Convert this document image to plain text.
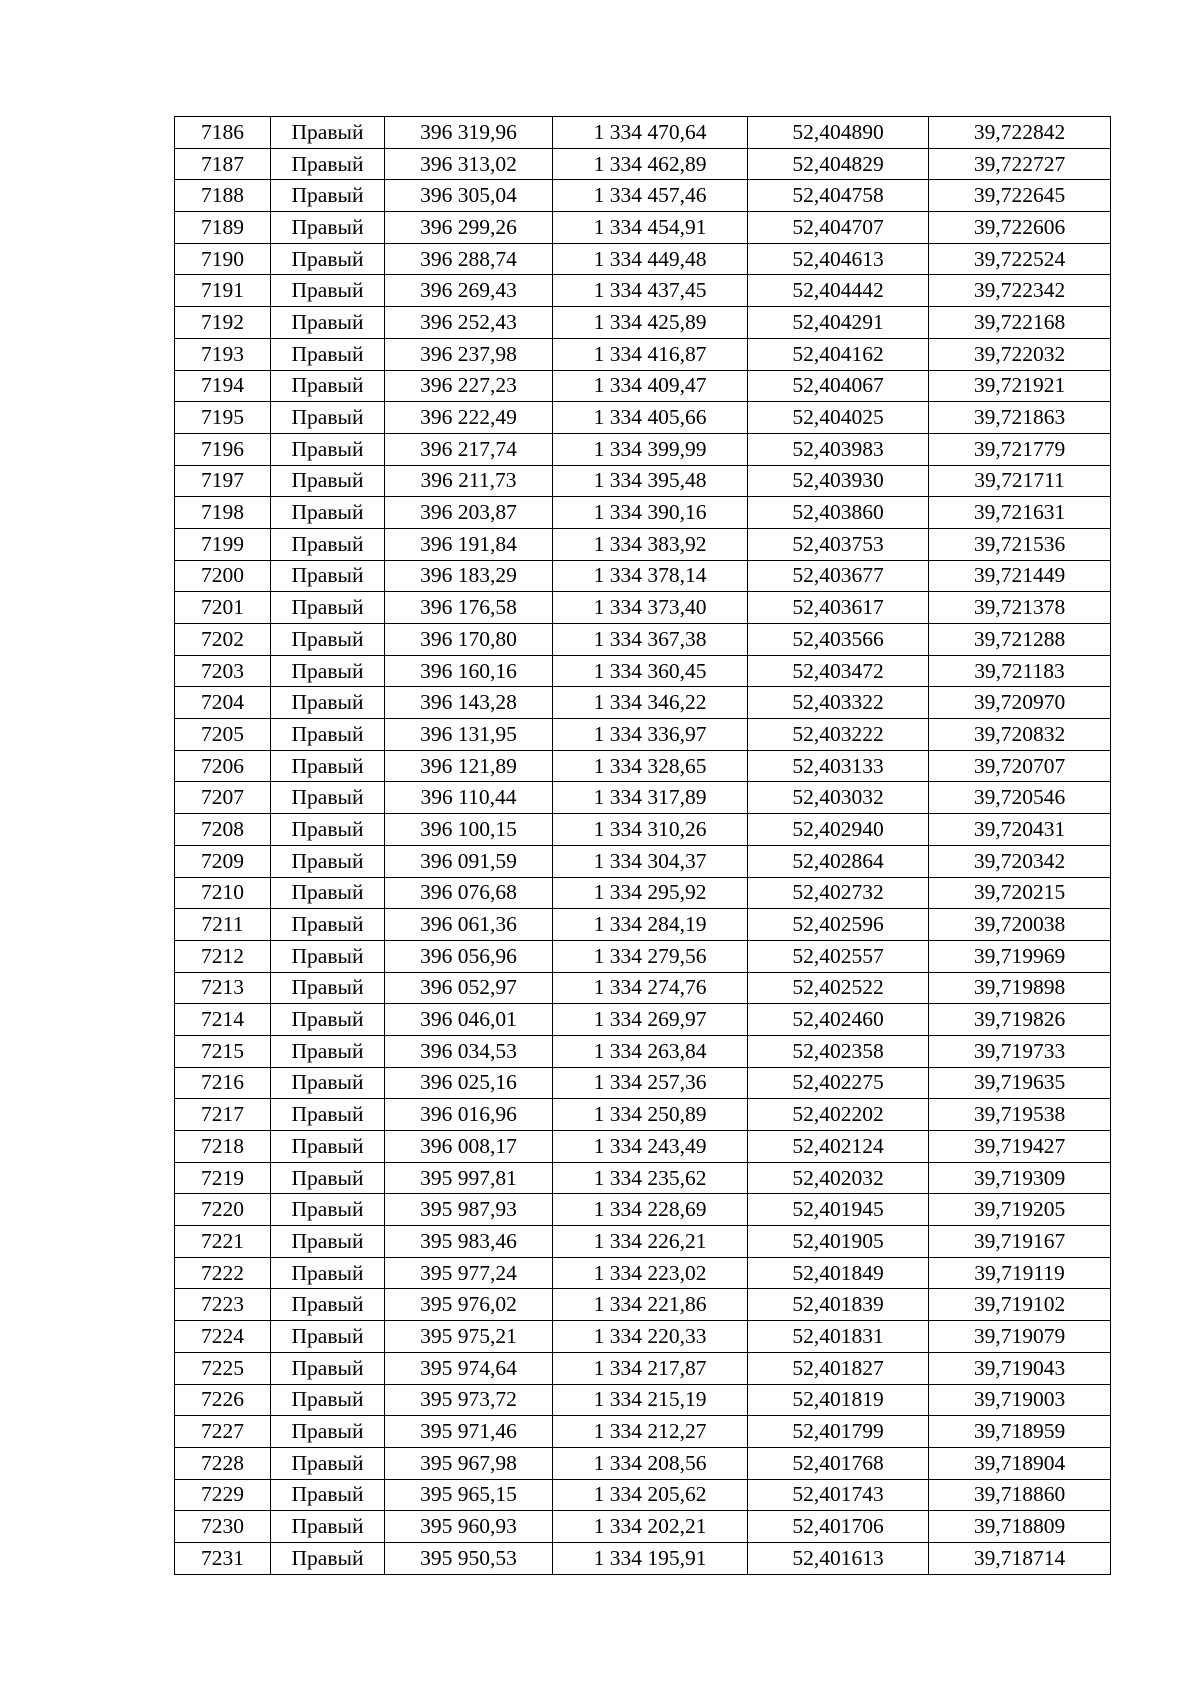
7186	Правый	396 319,96	1 334 470,64	52,404890	39,722842
7187	Правый	396 313,02	1 334 462,89	52,404829	39,722727
7188	Правый	396 305,04	1 334 457,46	52,404758	39,722645
7189	Правый	396 299,26	1 334 454,91	52,404707	39,722606
7190	Правый	396 288,74	1 334 449,48	52,404613	39,722524
7191	Правый	396 269,43	1 334 437,45	52,404442	39,722342
7192	Правый	396 252,43	1 334 425,89	52,404291	39,722168
7193	Правый	396 237,98	1 334 416,87	52,404162	39,722032
7194	Правый	396 227,23	1 334 409,47	52,404067	39,721921
7195	Правый	396 222,49	1 334 405,66	52,404025	39,721863
7196	Правый	396 217,74	1 334 399,99	52,403983	39,721779
7197	Правый	396 211,73	1 334 395,48	52,403930	39,721711
7198	Правый	396 203,87	1 334 390,16	52,403860	39,721631
7199	Правый	396 191,84	1 334 383,92	52,403753	39,721536
7200	Правый	396 183,29	1 334 378,14	52,403677	39,721449
7201	Правый	396 176,58	1 334 373,40	52,403617	39,721378
7202	Правый	396 170,80	1 334 367,38	52,403566	39,721288
7203	Правый	396 160,16	1 334 360,45	52,403472	39,721183
7204	Правый	396 143,28	1 334 346,22	52,403322	39,720970
7205	Правый	396 131,95	1 334 336,97	52,403222	39,720832
7206	Правый	396 121,89	1 334 328,65	52,403133	39,720707
7207	Правый	396 110,44	1 334 317,89	52,403032	39,720546
7208	Правый	396 100,15	1 334 310,26	52,402940	39,720431
7209	Правый	396 091,59	1 334 304,37	52,402864	39,720342
7210	Правый	396 076,68	1 334 295,92	52,402732	39,720215
7211	Правый	396 061,36	1 334 284,19	52,402596	39,720038
7212	Правый	396 056,96	1 334 279,56	52,402557	39,719969
7213	Правый	396 052,97	1 334 274,76	52,402522	39,719898
7214	Правый	396 046,01	1 334 269,97	52,402460	39,719826
7215	Правый	396 034,53	1 334 263,84	52,402358	39,719733
7216	Правый	396 025,16	1 334 257,36	52,402275	39,719635
7217	Правый	396 016,96	1 334 250,89	52,402202	39,719538
7218	Правый	396 008,17	1 334 243,49	52,402124	39,719427
7219	Правый	395 997,81	1 334 235,62	52,402032	39,719309
7220	Правый	395 987,93	1 334 228,69	52,401945	39,719205
7221	Правый	395 983,46	1 334 226,21	52,401905	39,719167
7222	Правый	395 977,24	1 334 223,02	52,401849	39,719119
7223	Правый	395 976,02	1 334 221,86	52,401839	39,719102
7224	Правый	395 975,21	1 334 220,33	52,401831	39,719079
7225	Правый	395 974,64	1 334 217,87	52,401827	39,719043
7226	Правый	395 973,72	1 334 215,19	52,401819	39,719003
7227	Правый	395 971,46	1 334 212,27	52,401799	39,718959
7228	Правый	395 967,98	1 334 208,56	52,401768	39,718904
7229	Правый	395 965,15	1 334 205,62	52,401743	39,718860
7230	Правый	395 960,93	1 334 202,21	52,401706	39,718809
7231	Правый	395 950,53	1 334 195,91	52,401613	39,718714
